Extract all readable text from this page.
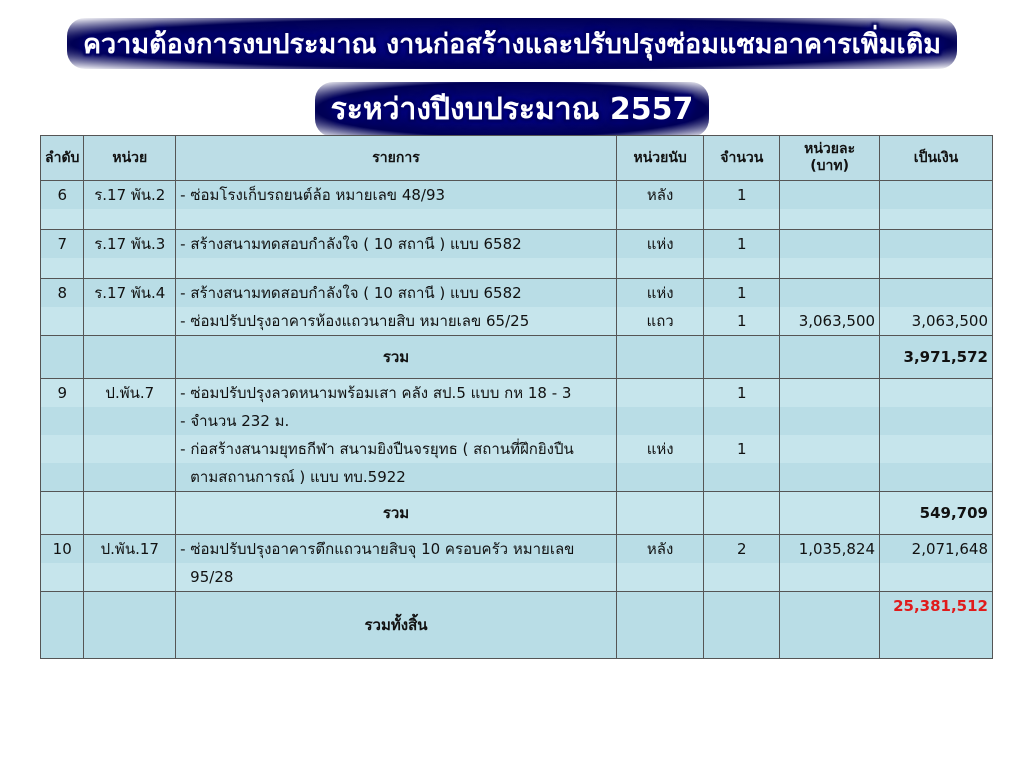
ความต้องการงบประมาณ งานก่อสร้างและปรับปรุงซ่อมแซมอาคารเพิ่มเติม
ระหว่างปีงบประมาณ 2557
ลำดับ	หน่วย	รายการ	หน่วยนับ	จำนวน	หน่วยละ (บาท)	เป็นเงิน
6	ร.17 พัน.2	- ซ่อมโรงเก็บรถยนต์ล้อ หมายเลข 48/93	หลัง	1		

7	ร.17 พัน.3	- สร้างสนามทดสอบกำลังใจ ( 10 สถานี ) แบบ 6582	แห่ง	1		

8	ร.17 พัน.4	- สร้างสนามทดสอบกำลังใจ ( 10 สถานี ) แบบ 6582	แห่ง	1		
		- ซ่อมปรับปรุงอาคารห้องแถวนายสิบ หมายเลข 65/25	แถว	1	3,063,500	3,063,500
		รวม				3,971,572
9	ป.พัน.7	- ซ่อมปรับปรุงลวดหนามพร้อมเสา คลัง สป.5 แบบ กห 18 - 3		1		
		- จำนวน 232 ม.				
		- ก่อสร้างสนามยุทธกีฬา สนามยิงปืนจรยุทธ ( สถานที่ฝึกยิงปืน	แห่ง	1		
		ตามสถานการณ์ ) แบบ ทบ.5922				
		รวม				549,709
10	ป.พัน.17	- ซ่อมปรับปรุงอาคารตึกแถวนายสิบจุ 10 ครอบครัว หมายเลข	หลัง	2	1,035,824	2,071,648
		95/28				
		รวมทั้งสิ้น				25,381,512
